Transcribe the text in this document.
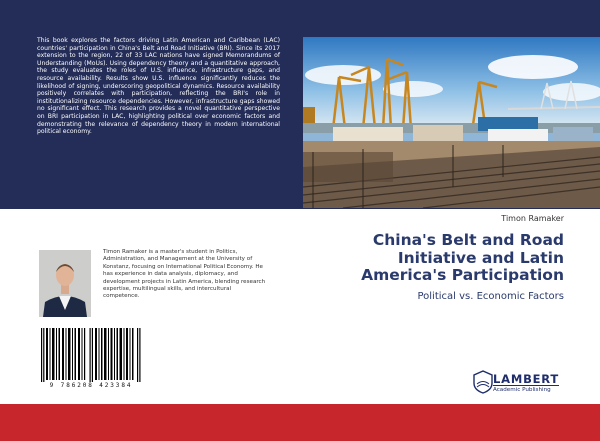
This book explores the factors driving Latin American and Caribbean (LAC) countries' participation in China's Belt and Road Initiative (BRI). Since its 2017 extension to the region, 22 of 33 LAC nations have signed Memorandums of Understanding (MoUs). Using dependency theory and a quantitative approach, the study evaluates the roles of U.S. influence, infrastructure gaps, and resource availability. Results show U.S. influence significantly reduces the likelihood of signing, underscoring geopolitical dynamics. Resource availability positively correlates with participation, reflecting the BRI's role in institutionalizing resource dependencies. However, infrastructure gaps showed no significant effect. This research provides a novel quantitative perspective on BRI participation in LAC, highlighting political over economic factors and demonstrating the relevance of dependency theory in modern international political economy.

Timon Ramaker
China's Belt and Road Initiative and Latin America's Participation
Political vs. Economic Factors

Timon Ramaker is a master's student in Politics, Administration, and Management at the University of Konstanz, focusing on International Political Economy. He has experience in data analysis, diplomacy, and development projects in Latin America, blending research expertise, multilingual skills, and intercultural competence.

9 786208 423384	LAMBERT
Academic Publishing
